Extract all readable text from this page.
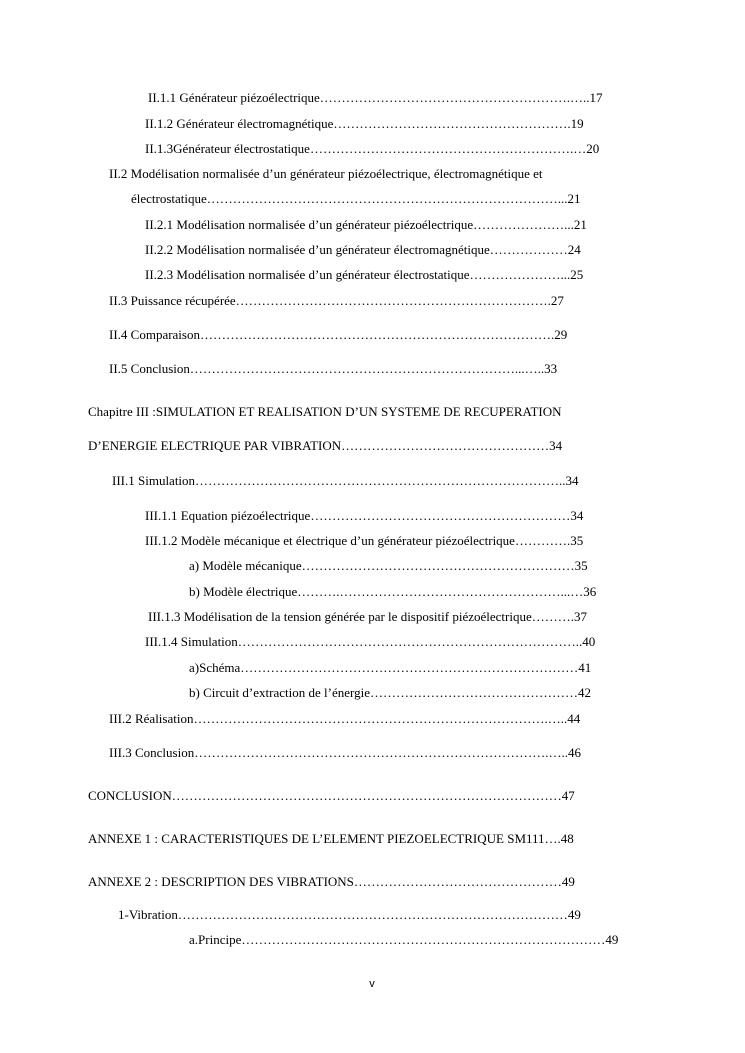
II.1.1 Générateur piézoélectrique………………………………………………….…..17

II.1.2 Générateur électromagnétique……………………………………………….19

II.1.3Générateur électrostatique…………………………………………………….…20

II.2 Modélisation normalisée d’un générateur piézoélectrique, électromagnétique et

électrostatique………………………………………………………………………...21

II.2.1 Modélisation normalisée d’un générateur piézoélectrique…………………...21

II.2.2 Modélisation normalisée d’un générateur électromagnétique………………24

II.2.3 Modélisation normalisée d’un générateur électrostatique…………………...25

II.3 Puissance récupérée……………………………………………………………….27

II.4 Comparaison……………………………………………………………………….29

II.5 Conclusion…………………………………………………………………...…..33

Chapitre III :SIMULATION ET REALISATION D’UN SYSTEME DE RECUPERATION

D’ENERGIE ELECTRIQUE PAR VIBRATION…………………………………………34

III.1 Simulation…………………………………………………………………………..34

III.1.1 Equation piézoélectrique……………………………………………………34

III.1.2 Modèle mécanique et électrique d’un générateur piézoélectrique………….35

a) Modèle mécanique………………………………………………………35

b) Modèle électrique……….……………………………………………...…36

III.1.3 Modélisation de la tension générée par le dispositif piézoélectrique……….37

III.1.4 Simulation……………………………………………………………………..40

a)Schéma……………………………………………………………………41

b) Circuit d’extraction de l’énergie…………………………………………42

III.2 Réalisation……………………………………………………………………….…..44

III.3 Conclusion……………………………………………………………………….…..46

CONCLUSION………………………………………………………………………………47

ANNEXE 1 : CARACTERISTIQUES DE L’ELEMENT PIEZOELECTRIQUE SM111….48

ANNEXE 2 : DESCRIPTION DES VIBRATIONS…………………………………………49

1-Vibration………………………………………………………………………………49

a.Principe…………………………………………………………………………49

v
